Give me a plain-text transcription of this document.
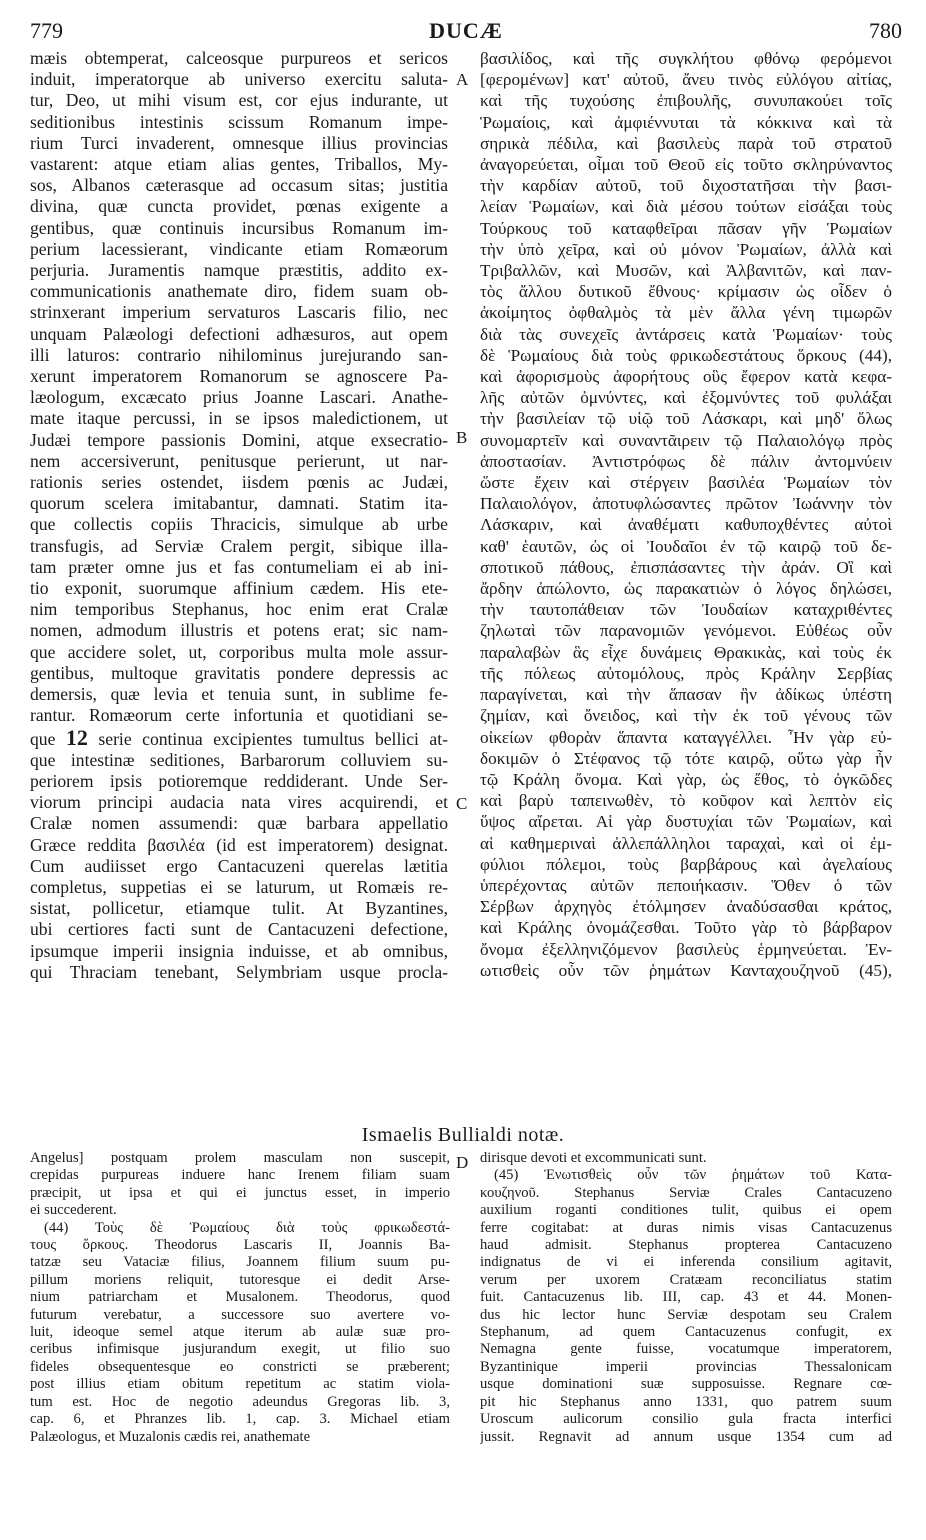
779	DUCÆ	780
A
B
C
D
mæis obtemperat, calceosque purpureos et sericos
induit, imperatorque ab universo exercitu saluta-
tur, Deo, ut mihi visum est, cor ejus indurante, ut
seditionibus intestinis scissum Romanum impe-
rium Turci invaderent, omnesque illius provincias
vastarent: atque etiam alias gentes, Triballos, My-
sos, Albanos cæterasque ad occasum sitas; justitia
divina, quæ cuncta providet, pœnas exigente a
gentibus, quæ continuis incursibus Romanum im-
perium lacessierant, vindicante etiam Romæorum
perjuria. Juramentis namque præstitis, addito ex-
communicationis anathemate diro, fidem suam ob-
strinxerant imperium servaturos Lascaris filio, nec
unquam Palæologi defectioni adhæsuros, aut opem
illi laturos: contrario nihilominus jurejurando san-
xerunt imperatorem Romanorum se agnoscere Pa-
læologum, excæcato prius Joanne Lascari. Anathe-
mate itaque percussi, in se ipsos maledictionem, ut
Judæi tempore passionis Domini, atque exsecratio-
nem accersiverunt, penitusque perierunt, ut nar-
rationis series ostendet, iisdem pœnis ac Judæi,
quorum scelera imitabantur, damnati. Statim ita-
que collectis copiis Thracicis, simulque ab urbe
transfugis, ad Serviæ Cralem pergit, sibique illa-
tam præter omne jus et fas contumeliam ei ab ini-
tio exponit, suorumque affinium cædem. His ete-
nim temporibus Stephanus, hoc enim erat Cralæ
nomen, admodum illustris et potens erat; sic nam-
que accidere solet, ut, corporibus multa mole assur-
gentibus, multoque gravitatis pondere depressis ac
demersis, quæ levia et tenuia sunt, in sublime fe-
rantur. Romæorum certe infortunia et quotidiani se-
que 12 serie continua excipientes tumultus bellici at-
que intestinæ seditiones, Barbarorum colluviem su-
periorem ipsis potioremque reddiderant. Unde Ser-
viorum principi audacia nata vires acquirendi, et
Cralæ nomen assumendi: quæ barbara appellatio
Græce reddita βασιλέα (id est imperatorem) designat.
Cum audiisset ergo Cantacuzeni querelas lætitia
completus, suppetias ei se laturum, ut Romæis re-
sistat, pollicetur, etiamque tulit. At Byzantines,
ubi certiores facti sunt de Cantacuzeni defectione,
ipsumque imperii insignia induisse, et ab omnibus,
qui Thraciam tenebant, Selymbriam usque procla-
βασιλίδος, καὶ τῆς συγκλήτου φθόνῳ φερόμενοι
[φερομένων] κατ' αὐτοῦ, ἄνευ τινὸς εὐλόγου αἰτίας,
καὶ τῆς τυχούσης ἐπιβουλῆς, συνυπακούει τοῖς
Ῥωμαίοις, καὶ ἀμφιέννυται τὰ κόκκινα καὶ τὰ
σηρικὰ πέδιλα, καὶ βασιλεὺς παρὰ τοῦ στρατοῦ
ἀναγορεύεται, οἶμαι τοῦ Θεοῦ εἰς τοῦτο σκληρύναντος
τὴν καρδίαν αὐτοῦ, τοῦ διχοστατῆσαι τὴν βασι-
λείαν Ῥωμαίων, καὶ διὰ μέσου τούτων εἰσάξαι τοὺς
Τούρκους τοῦ καταφθεῖραι πᾶσαν γῆν Ῥωμαίων
τὴν ὑπὸ χεῖρα, καὶ οὐ μόνον Ῥωμαίων, ἀλλὰ καὶ
Τριβαλλῶν, καὶ Μυσῶν, καὶ Ἀλβανιτῶν, καὶ παν-
τὸς ἄλλου δυτικοῦ ἔθνους· κρίμασιν ὡς οἶδεν ὁ
ἀκοίμητος ὀφθαλμὸς τὰ μὲν ἄλλα γένη τιμωρῶν
διὰ τὰς συνεχεῖς ἀντάρσεις κατὰ Ῥωμαίων· τοὺς
δὲ Ῥωμαίους διὰ τοὺς φρικωδεστάτους ὅρκους (44),
καὶ ἀφορισμοὺς ἀφορήτους οὓς ἔφερον κατὰ κεφα-
λῆς αὐτῶν ὀμνύντες, καὶ ἐξομνύντες τοῦ φυλάξαι
τὴν βασιλείαν τῷ υἱῷ τοῦ Λάσκαρι, καὶ μηδ' ὅλως
συνομαρτεῖν καὶ συναντᾶιρειν τῷ Παλαιολόγῳ πρὸς
ἀποστασίαν. Ἀντιστρόφως δὲ πάλιν ἀντομνύειν
ὥστε ἔχειν καὶ στέργειν βασιλέα Ῥωμαίων τὸν
Παλαιολόγον, ἀποτυφλώσαντες πρῶτον Ἰωάννην τὸν
Λάσκαριν, καὶ ἀναθέματι καθυποχθέντες αὐτοὶ
καθ' ἑαυτῶν, ὡς οἱ Ἰουδαῖοι ἐν τῷ καιρῷ τοῦ δε-
σποτικοῦ πάθους, ἐπισπάσαντες τὴν ἀράν. Οἳ καὶ
ἄρδην ἀπώλοντο, ὡς παρακατιὼν ὁ λόγος δηλώσει,
τὴν ταυτοπάθειαν τῶν Ἰουδαίων καταχριθέντες
ζηλωταὶ τῶν παρανομιῶν γενόμενοι. Εὐθέως οὖν
παραλαβὼν ἃς εἶχε δυνάμεις Θρακικὰς, καὶ τοὺς ἐκ
τῆς πόλεως αὐτομόλους, πρὸς Κράλην Σερβίας
παραγίνεται, καὶ τὴν ἅπασαν ἣν ἀδίκως ὑπέστη
ζημίαν, καὶ ὄνειδος, καὶ τὴν ἐκ τοῦ γένους τῶν
οἰκείων φθορὰν ἅπαντα καταγγέλλει. Ἦν γὰρ εὐ-
δοκιμῶν ὁ Στέφανος τῷ τότε καιρῷ, οὕτω γὰρ ἦν
τῷ Κράλη ὄνομα. Καὶ γὰρ, ὡς ἔθος, τὸ ὀγκῶδες
καὶ βαρὺ ταπεινωθὲν, τὸ κοῦφον καὶ λεπτὸν εἰς
ὕψος αἴρεται. Αἱ γὰρ δυστυχίαι τῶν Ῥωμαίων, καὶ
αἱ καθημεριναὶ ἀλλεπάλληλοι ταραχαὶ, καὶ οἱ ἐμ-
φύλιοι πόλεμοι, τοὺς βαρβάρους καὶ ἀγελαίους
ὑπερέχοντας αὐτῶν πεποιήκασιν. Ὅθεν ὁ τῶν
Σέρβων ἀρχηγὸς ἐτόλμησεν ἀναδύσασθαι κράτος,
καὶ Κράλης ὀνομάζεσθαι. Τοῦτο γὰρ τὸ βάρβαρον
ὄνομα ἐξελληνιζόμενον βασιλεὺς ἑρμηνεύεται. Ἐν-
ωτισθεὶς οὖν τῶν ῥημάτων Κανταχουζηνοῦ (45),
Ismaelis Bullialdi notæ.
Angelus] postquam prolem masculam non suscepit,
crepidas purpureas induere hanc Irenem filiam suam
præcipit, ut ipsa et qui ei junctus esset, in imperio
ei succederent.
(44) Τοὺς δὲ Ῥωμαίους διὰ τοὺς φρικωδεστά-
τους ὅρκους. Theodorus Lascaris II, Joannis Ba-
tatzæ seu Vataciæ filius, Joannem filium suum pu-
pillum moriens reliquit, tutoresque ei dedit Arse-
nium patriarcham et Musalonem. Theodorus, quod
futurum verebatur, a successore suo avertere vo-
luit, ideoque semel atque iterum ab aulæ suæ pro-
ceribus infimisque jusjurandum exegit, ut filio suo
fideles obsequentesque eo constricti se præberent;
post illius etiam obitum repetitum ac statim viola-
tum est. Hoc de negotio adeundus Gregoras lib. 3,
cap. 6, et Phranzes lib. 1, cap. 3. Michael etiam
Palæologus, et Muzalonis cædis rei, anathemate
dirisque devoti et excommunicati sunt.
(45) Ἐνωτισθεὶς οὖν τῶν ῥημάτων τοῦ Κατα-
κουζηνοῦ. Stephanus Serviæ Crales Cantacuzeno
auxilium roganti conditiones tulit, quibus ei opem
ferre cogitabat: at duras nimis visas Cantacuzenus
haud admisit. Stephanus propterea Cantacuzeno
indignatus de vi ei inferenda consilium agitavit,
verum per uxorem Cratæam reconciliatus statim
fuit. Cantacuzenus lib. III, cap. 43 et 44. Monen-
dus hic lector hunc Serviæ despotam seu Cralem
Stephanum, ad quem Cantacuzenus confugit, ex
Nemagna gente fuisse, vocatumque imperatorem,
Byzantinique imperii provincias Thessalonicam
usque dominationi suæ supposuisse. Regnare cœ-
pit hic Stephanus anno 1331, quo patrem suum
Uroscum aulicorum consilio gula fracta interfici
jussit. Regnavit ad annum usque 1354 cum ad
